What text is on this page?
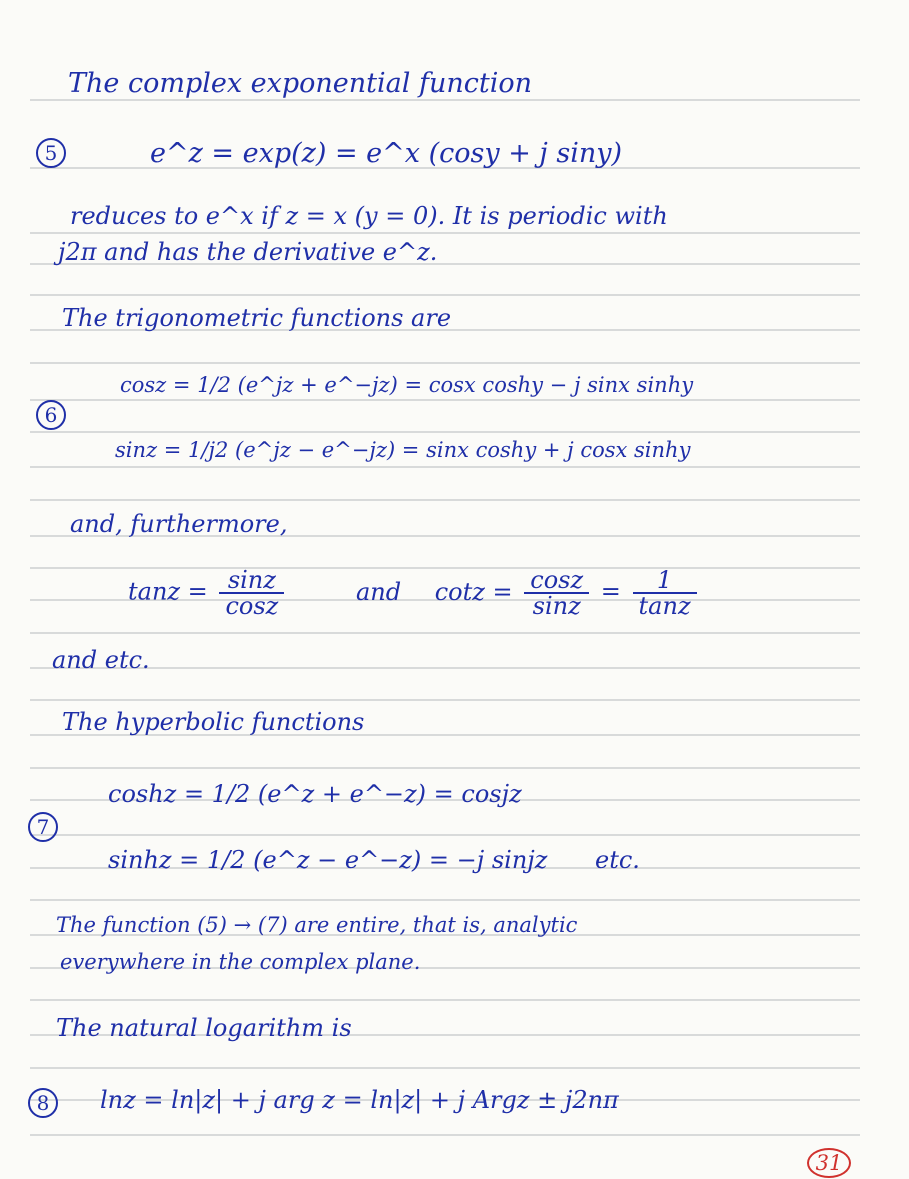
The complex exponential function
5	e^z = exp(z) = e^x (cosy + j siny)
reduces to e^x if z = x (y = 0). It is periodic with
j2π and has the derivative e^z.
The trigonometric functions are
6
cosz = 1/2 (e^jz + e^−jz) = cosx coshy − j sinx sinhy
sinz = 1/j2 (e^jz − e^−jz) = sinx coshy + j cosx sinhy
and, furthermore,
$\tan z = \frac{\sin z}{\cos z}$	and $\cot z = \frac{\cos z}{\sin z} = \frac{1}{\tan z}$
and etc.
The hyperbolic functions
7
coshz = 1/2 (e^z + e^−z) = cosjz
sinhz = 1/2 (e^z − e^−z) = −j sinjz etc.
The function (5) → (7) are entire, that is, analytic
everywhere in the complex plane.
The natural logarithm is
8	lnz = ln|z| + j arg z = ln|z| + j Argz ± j2nπ
31
